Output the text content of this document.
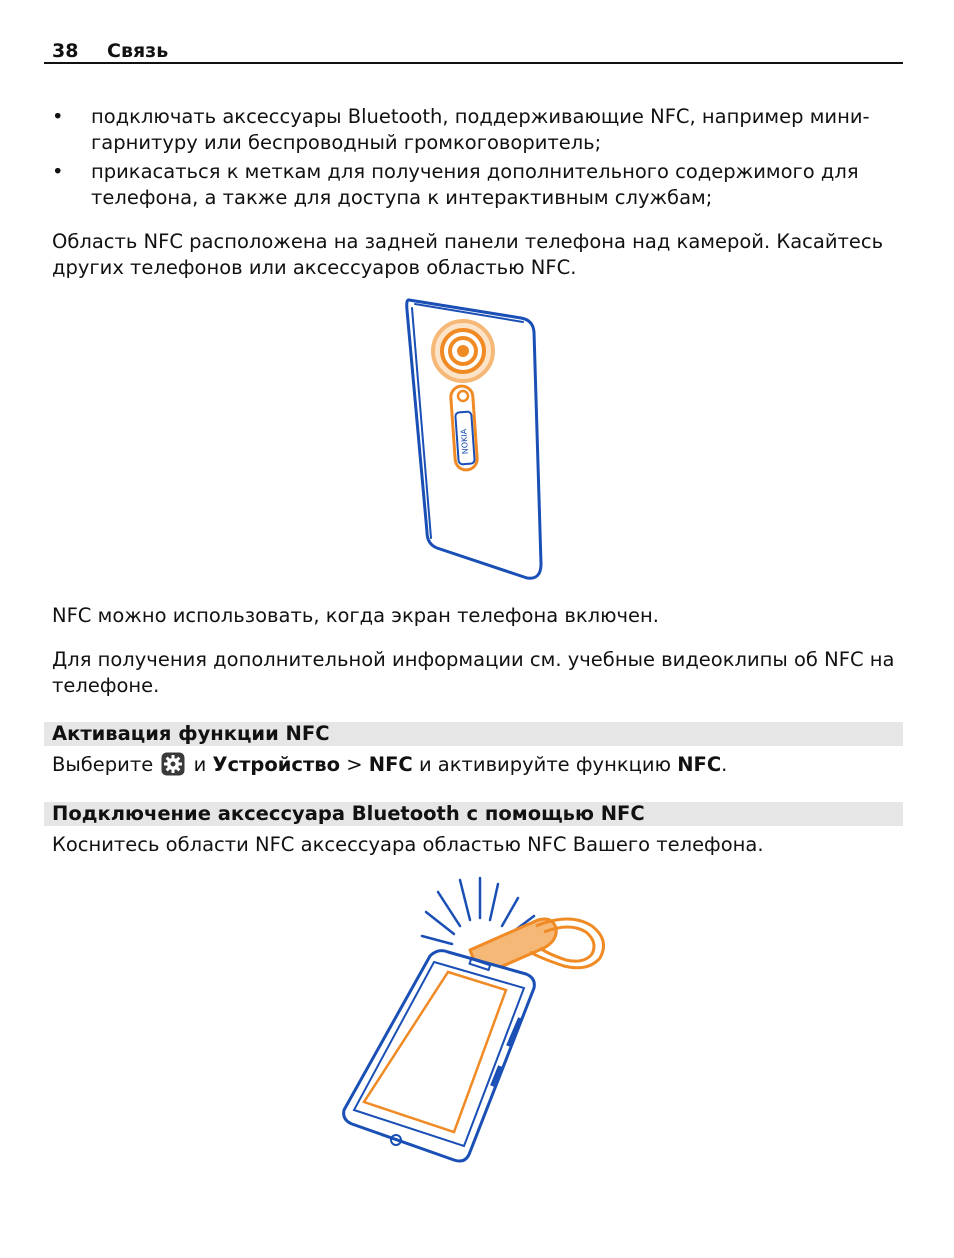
38 Связь
• подключать аксессуары Bluetooth, поддерживающие NFC, например мини-
гарнитуру или беспроводный громкоговоритель;
• прикасаться к меткам для получения дополнительного содержимого для
телефона, а также для доступа к интерактивным службам;
Область NFC расположена на задней панели телефона над камерой. Касайтесь
других телефонов или аксессуаров областью NFC.
NOKIA
NFC можно использовать, когда экран телефона включен.
Для получения дополнительной информации см. учебные видеоклипы об NFC на
телефоне.
Активация функции NFC
Выберите и Устройство > NFC и активируйте функцию NFC.
Подключение аксессуара Bluetooth с помощью NFC
Коснитесь области NFC аксессуара областью NFC Вашего телефона.
